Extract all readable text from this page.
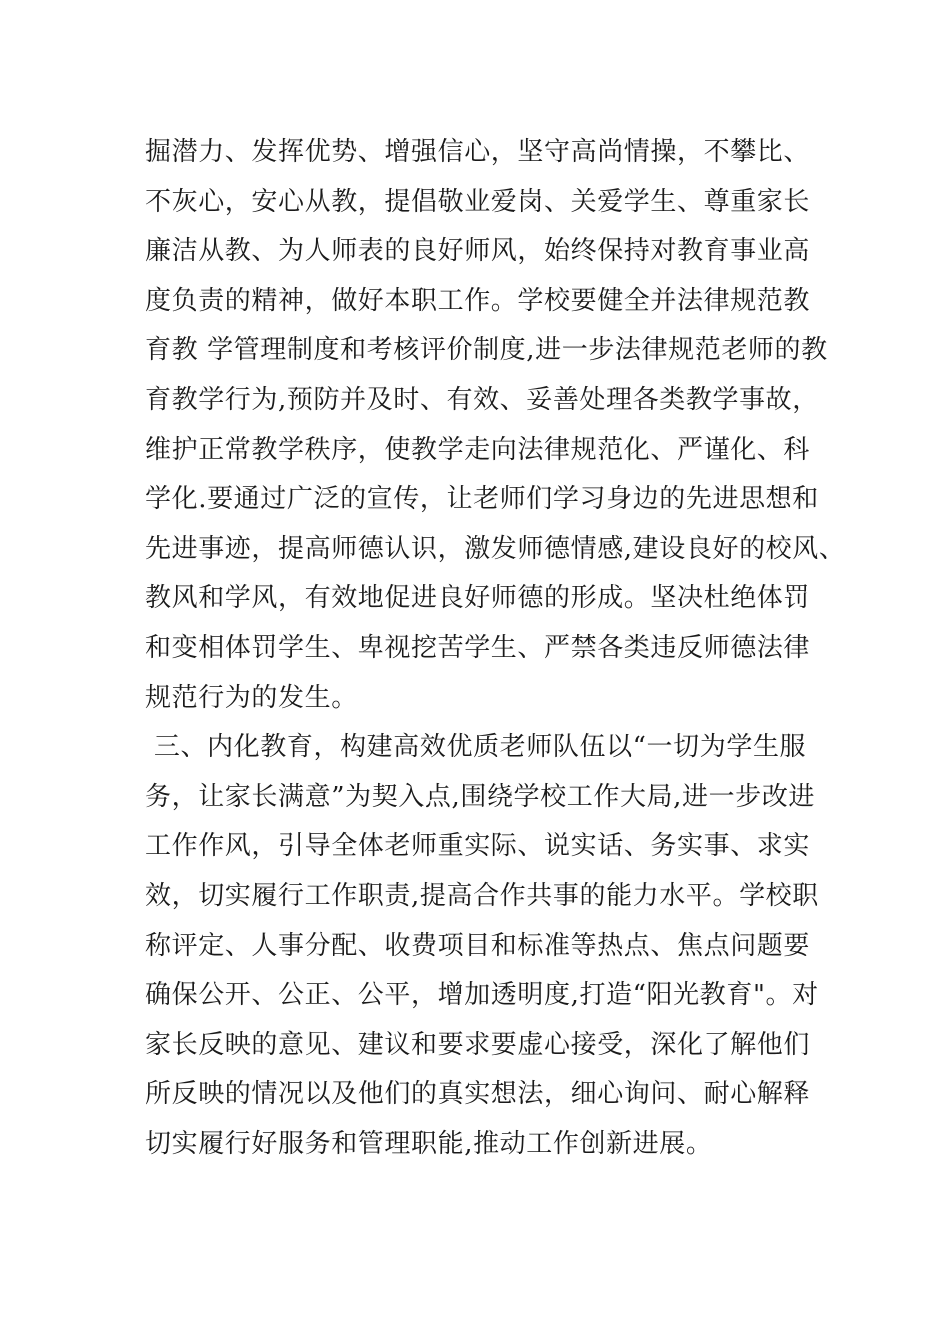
掘潜力、发挥优势、增强信心，坚守高尚情操，不攀比、
不灰心，安心从教，提倡敬业爱岗、关爱学生、尊重家长
廉洁从教、为人师表的良好师风，始终保持对教育事业高
度负责的精神，做好本职工作。学校要健全并法律规范教
育教 学管理制度和考核评价制度,进一步法律规范老师的教
育教学行为,预防并及时、有效、妥善处理各类教学事故，
维护正常教学秩序，使教学走向法律规范化、严谨化、科
学化.要通过广泛的宣传，让老师们学习身边的先进思想和
先进事迹，提高师德认识，激发师德情感,建设良好的校风、
教风和学风，有效地促进良好师德的形成。坚决杜绝体罚
和变相体罚学生、卑视挖苦学生、严禁各类违反师德法律
规范行为的发生。
三、内化教育，构建高效优质老师队伍以“一切为学生服
务，让家长满意”为契入点,围绕学校工作大局,进一步改进
工作作风，引导全体老师重实际、说实话、务实事、求实
效，切实履行工作职责,提高合作共事的能力水平。学校职
称评定、人事分配、收费项目和标准等热点、焦点问题要
确保公开、公正、公平，增加透明度,打造“阳光教育"。对
家长反映的意见、建议和要求要虚心接受，深化了解他们
所反映的情况以及他们的真实想法，细心询问、耐心解释
切实履行好服务和管理职能,推动工作创新进展。
